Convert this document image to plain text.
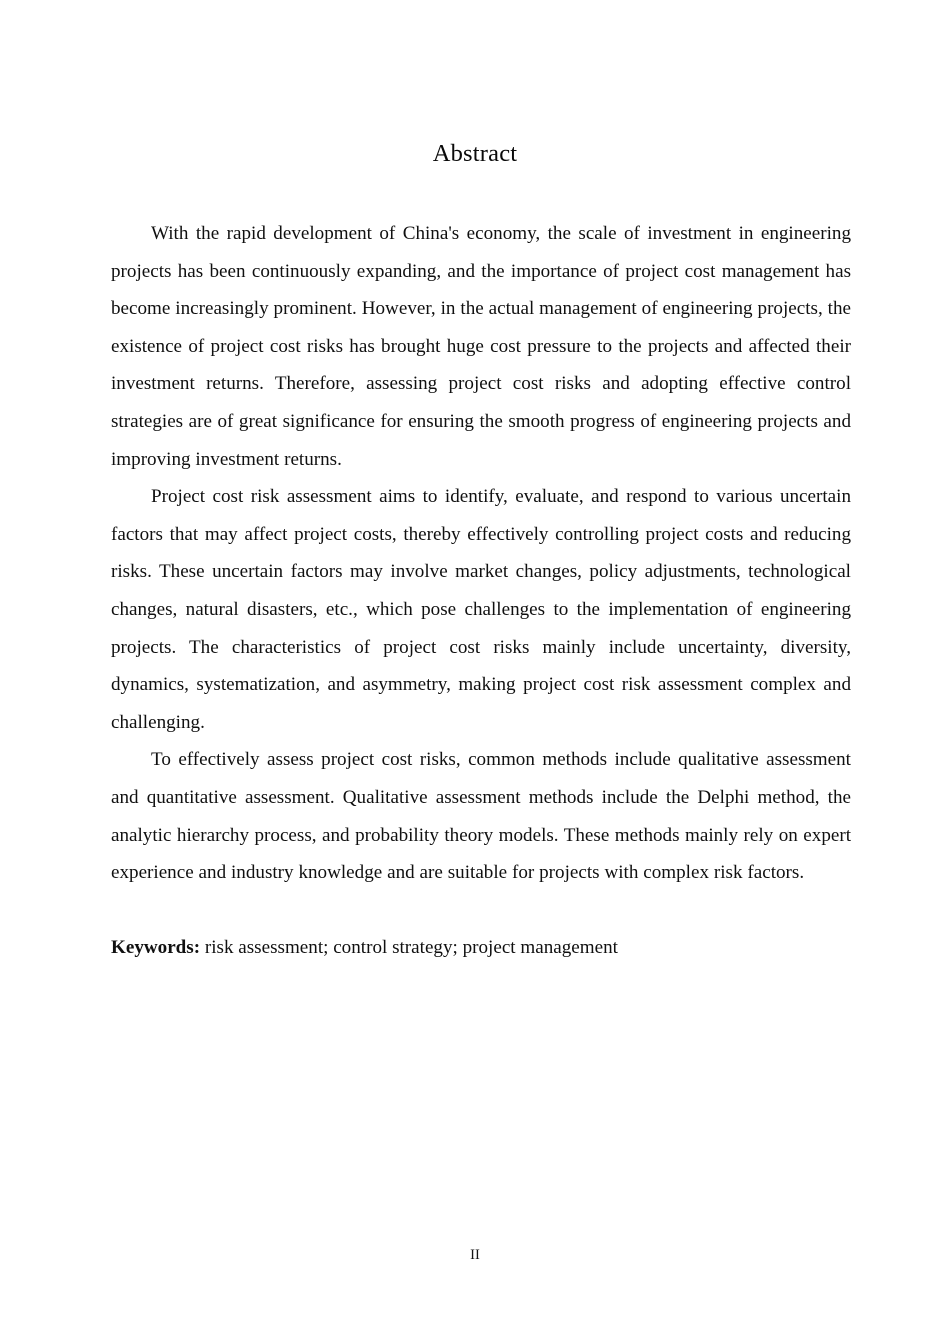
Abstract

With the rapid development of China's economy, the scale of investment in engineering projects has been continuously expanding, and the importance of project cost management has become increasingly prominent. However, in the actual management of engineering projects, the existence of project cost risks has brought huge cost pressure to the projects and affected their investment returns. Therefore, assessing project cost risks and adopting effective control strategies are of great significance for ensuring the smooth progress of engineering projects and improving investment returns.

Project cost risk assessment aims to identify, evaluate, and respond to various uncertain factors that may affect project costs, thereby effectively controlling project costs and reducing risks. These uncertain factors may involve market changes, policy adjustments, technological changes, natural disasters, etc., which pose challenges to the implementation of engineering projects. The characteristics of project cost risks mainly include uncertainty, diversity, dynamics, systematization, and asymmetry, making project cost risk assessment complex and challenging.

To effectively assess project cost risks, common methods include qualitative assessment and quantitative assessment. Qualitative assessment methods include the Delphi method, the analytic hierarchy process, and probability theory models. These methods mainly rely on expert experience and industry knowledge and are suitable for projects with complex risk factors.

Keywords: risk assessment; control strategy; project management

II
